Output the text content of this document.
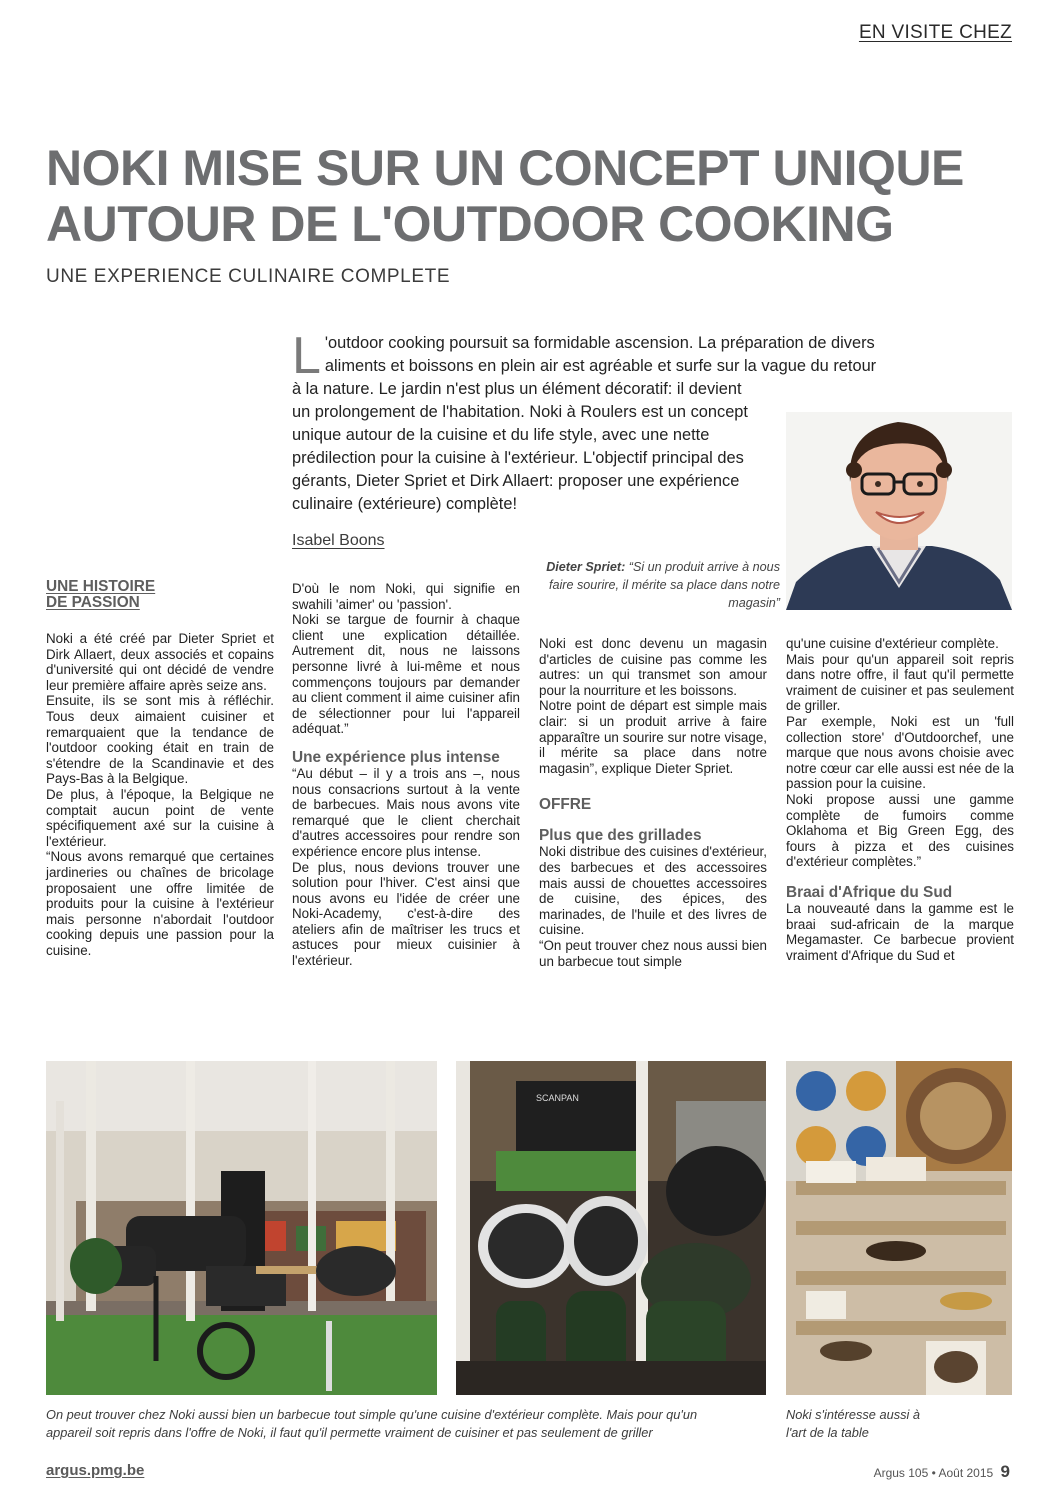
EN VISITE CHEZ
NOKI MISE SUR UN CONCEPT UNIQUE
AUTOUR DE L'OUTDOOR COOKING
UNE EXPERIENCE CULINAIRE COMPLETE

L 'outdoor cooking poursuit sa formidable ascension. La préparation de divers
aliments et boissons en plein air est agréable et surfe sur la vague du retour
à la nature. Le jardin n'est plus un élément décoratif: il devient
un prolongement de l'habitation. Noki à Roulers est un concept unique autour de la cuisine et du life style, avec une nette prédilection pour la cuisine à l'extérieur. L'objectif principal des gérants, Dieter Spriet et Dirk Allaert: proposer une expérience culinaire (extérieure) complète!

Isabel Boons
Dieter Spriet: “Si un produit arrive à nous faire sourire, il mérite sa place dans notre magasin”
UNE HISTOIRE
DE PASSION

Noki a été créé par Dieter Spriet et Dirk Allaert, deux associés et copains d'université qui ont décidé de vendre leur première affaire après seize ans.

Ensuite, ils se sont mis à réfléchir. Tous deux aimaient cuisiner et remarquaient que la tendance de l'outdoor cooking était en train de s'étendre de la Scandinavie et des Pays-Bas à la Belgique.

De plus, à l'époque, la Belgique ne comptait aucun point de vente spécifiquement axé sur la cuisine à l'extérieur.

“Nous avons remarqué que certaines jardineries ou chaînes de bricolage proposaient une offre limitée de produits pour la cuisine à l'extérieur mais personne n'abordait l'outdoor cooking depuis une passion pour la cuisine.

D'où le nom Noki, qui signifie en swahili 'aimer' ou 'passion'.

Noki se targue de fournir à chaque client une explication détaillée. Autrement dit, nous ne laissons personne livré à lui-même et nous commençons toujours par demander au client comment il aime cuisiner afin de sélectionner pour lui l'appareil adéquat.”

Une expérience plus intense

“Au début – il y a trois ans –, nous nous consacrions surtout à la vente de barbecues. Mais nous avons vite remarqué que le client cherchait d'autres accessoires pour rendre son expérience encore plus intense.

De plus, nous devions trouver une solution pour l'hiver. C'est ainsi que nous avons eu l'idée de créer une Noki-Academy, c'est-à-dire des ateliers afin de maîtriser les trucs et astuces pour mieux cuisinier à l'extérieur.

Noki est donc devenu un magasin d'articles de cuisine pas comme les autres: un qui transmet son amour pour la nourriture et les boissons.

Notre point de départ est simple mais clair: si un produit arrive à faire apparaître un sourire sur notre visage, il mérite sa place dans notre magasin”, explique Dieter Spriet.

OFFRE
Plus que des grillades

Noki distribue des cuisines d'extérieur, des barbecues et des accessoires mais aussi de chouettes accessoires de cuisine, des épices, des marinades, de l'huile et des livres de cuisine.

“On peut trouver chez nous aussi bien un barbecue tout simple

qu'une cuisine d'extérieur complète.

Mais pour qu'un appareil soit repris dans notre offre, il faut qu'il permette vraiment de cuisiner et pas seulement de griller.

Par exemple, Noki est un 'full collection store' d'Outdoorchef, une marque que nous avons choisie avec notre cœur car elle aussi est née de la passion pour la cuisine.

Noki propose aussi une gamme complète de fumoirs comme Oklahoma et Big Green Egg, des fours à pizza et des cuisines d'extérieur complètes.”

Braai d'Afrique du Sud

La nouveauté dans la gamme est le braai sud-africain de la marque Megamaster. Ce barbecue provient vraiment d'Afrique du Sud et

SCANPAN
On peut trouver chez Noki aussi bien un barbecue tout simple qu'une cuisine d'extérieur complète. Mais pour qu'un appareil soit repris dans l'offre de Noki, il faut qu'il permette vraiment de cuisiner et pas seulement de griller
Noki s'intéresse aussi à l'art de la table
argus.pmg.be	Argus 105 • Août 2015 9
